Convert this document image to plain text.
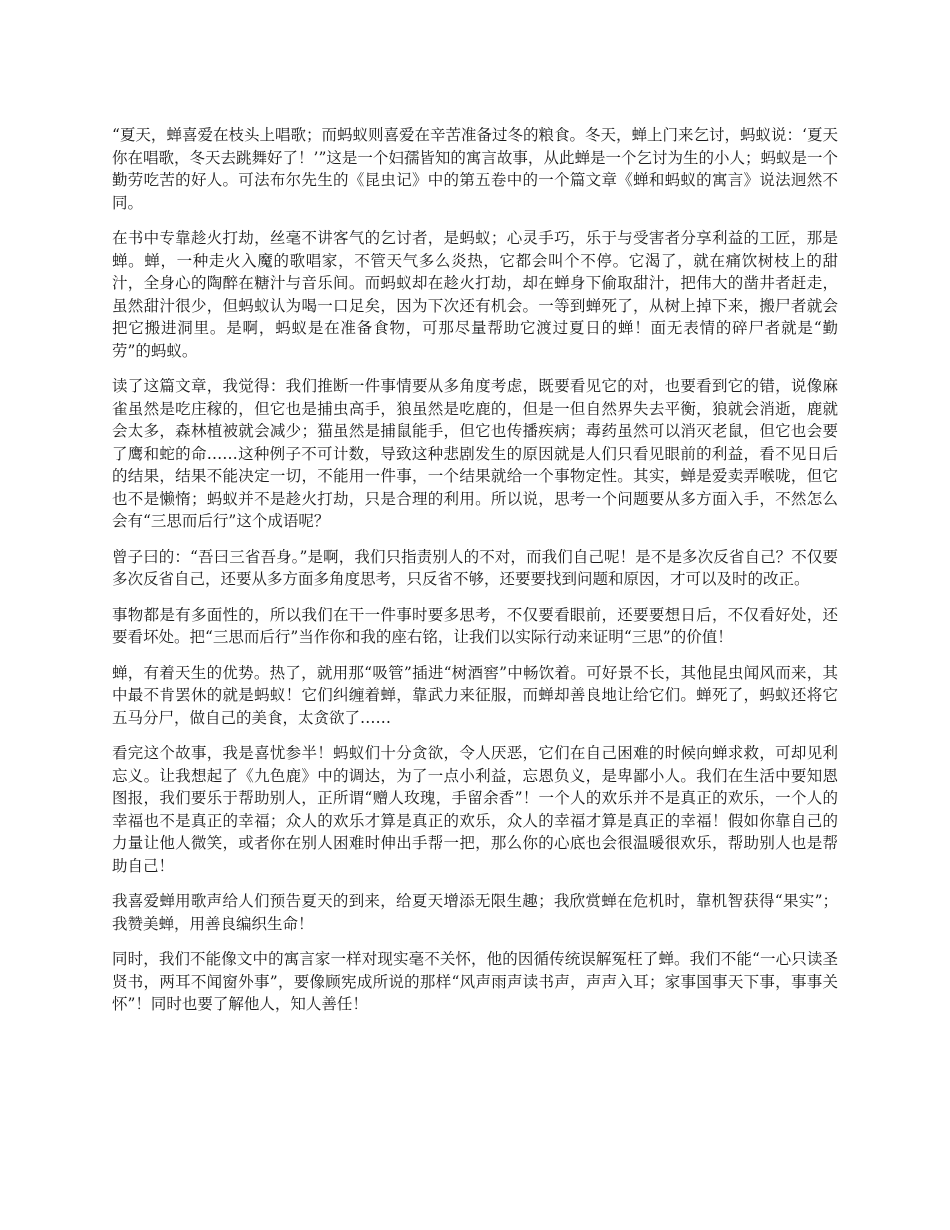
“夏天，蝉喜爱在枝头上唱歌；而蚂蚁则喜爱在辛苦准备过冬的粮食。冬天，蝉上门来乞讨，蚂蚁说：‘夏天你在唱歌，冬天去跳舞好了！’”这是一个妇孺皆知的寓言故事，从此蝉是一个乞讨为生的小人；蚂蚁是一个勤劳吃苦的好人。可法布尔先生的《昆虫记》中的第五卷中的一个篇文章《蝉和蚂蚁的寓言》说法迥然不同。

在书中专靠趁火打劫，丝毫不讲客气的乞讨者，是蚂蚁；心灵手巧，乐于与受害者分享利益的工匠，那是蝉。蝉，一种走火入魔的歌唱家，不管天气多么炎热，它都会叫个不停。它渴了，就在痛饮树枝上的甜汁，全身心的陶醉在糖汁与音乐间。而蚂蚁却在趁火打劫，却在蝉身下偷取甜汁，把伟大的凿井者赶走，虽然甜汁很少，但蚂蚁认为喝一口足矣，因为下次还有机会。一等到蝉死了，从树上掉下来，搬尸者就会把它搬进洞里。是啊，蚂蚁是在准备食物，可那尽量帮助它渡过夏日的蝉！面无表情的碎尸者就是“勤劳”的蚂蚁。

读了这篇文章，我觉得：我们推断一件事情要从多角度考虑，既要看见它的对，也要看到它的错，说像麻雀虽然是吃庄稼的，但它也是捕虫高手，狼虽然是吃鹿的，但是一但自然界失去平衡，狼就会消逝，鹿就会太多，森林植被就会减少；猫虽然是捕鼠能手，但它也传播疾病；毒药虽然可以消灭老鼠，但它也会要了鹰和蛇的命……这种例子不可计数，导致这种悲剧发生的原因就是人们只看见眼前的利益，看不见日后的结果，结果不能决定一切，不能用一件事，一个结果就给一个事物定性。其实，蝉是爱卖弄喉咙，但它也不是懒惰；蚂蚁并不是趁火打劫，只是合理的利用。所以说，思考一个问题要从多方面入手，不然怎么会有“三思而后行”这个成语呢？

曾子曰的：“吾曰三省吾身。”是啊，我们只指责别人的不对，而我们自己呢！是不是多次反省自己？不仅要多次反省自己，还要从多方面多角度思考，只反省不够，还要要找到问题和原因，才可以及时的改正。

事物都是有多面性的，所以我们在干一件事时要多思考，不仅要看眼前，还要要想日后，不仅看好处，还要看坏处。把“三思而后行”当作你和我的座右铭，让我们以实际行动来证明“三思”的价值！

蝉，有着天生的优势。热了，就用那“吸管”插进“树酒窖”中畅饮着。可好景不长，其他昆虫闻风而来，其中最不肯罢休的就是蚂蚁！它们纠缠着蝉，靠武力来征服，而蝉却善良地让给它们。蝉死了，蚂蚁还将它五马分尸，做自己的美食，太贪欲了……

看完这个故事，我是喜忧参半！蚂蚁们十分贪欲，令人厌恶，它们在自己困难的时候向蝉求救，可却见利忘义。让我想起了《九色鹿》中的调达，为了一点小利益，忘恩负义，是卑鄙小人。我们在生活中要知恩图报，我们要乐于帮助别人，正所谓“赠人玫瑰，手留余香”！一个人的欢乐并不是真正的欢乐，一个人的幸福也不是真正的幸福；众人的欢乐才算是真正的欢乐，众人的幸福才算是真正的幸福！假如你靠自己的力量让他人微笑，或者你在别人困难时伸出手帮一把，那么你的心底也会很温暖很欢乐，帮助别人也是帮助自己！

我喜爱蝉用歌声给人们预告夏天的到来，给夏天增添无限生趣；我欣赏蝉在危机时，靠机智获得“果实”；我赞美蝉，用善良编织生命！

同时，我们不能像文中的寓言家一样对现实毫不关怀，他的因循传统误解冤枉了蝉。我们不能“一心只读圣贤书，两耳不闻窗外事”，要像顾宪成所说的那样“风声雨声读书声，声声入耳；家事国事天下事，事事关怀”！同时也要了解他人，知人善任！
